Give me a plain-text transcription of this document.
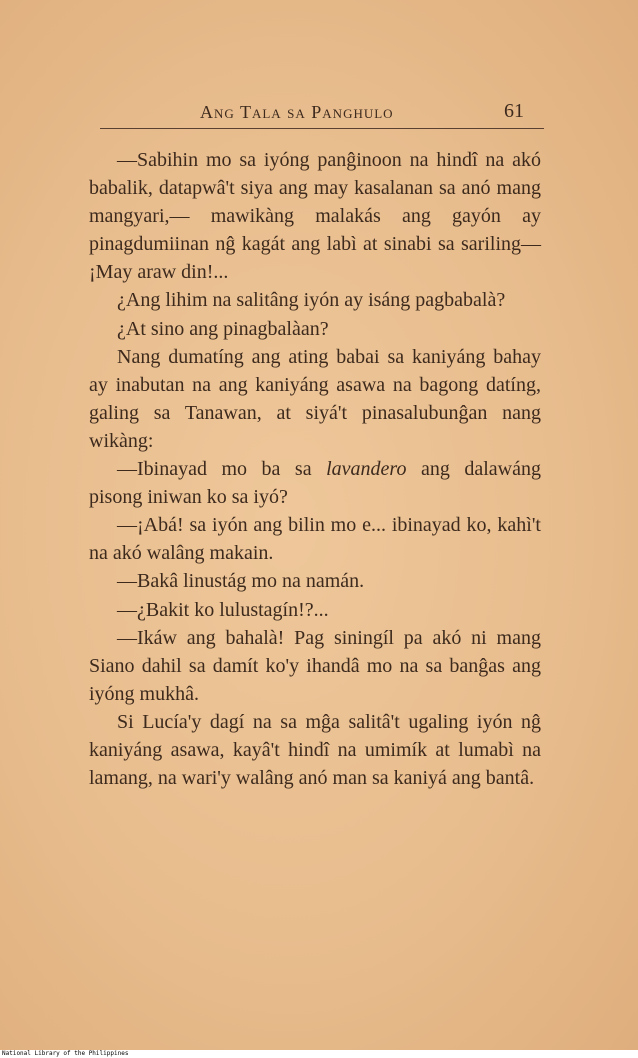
Ang Tala sa Panghulo	61

—Sabihin mo sa iyóng panĝinoon na hindî na akó babalik, datapwâ't siya ang may kasalanan sa anó mang mangyari,— mawikàng malakás ang gayón ay pinagdumiinan nĝ kagát ang labì at sinabi sa sariling—¡May araw din!...

¿Ang lihim na salitâng iyón ay isáng pagbabalà?

¿At sino ang pinagbalàan?

Nang dumatíng ang ating babai sa kaniyáng bahay ay inabutan na ang kaniyáng asawa na bagong datíng, galing sa Tanawan, at siyá't pinasalubunĝan nang wikàng:

—Ibinayad mo ba sa lavandero ang dalawáng pisong iniwan ko sa iyó?

—¡Abá! sa iyón ang bilin mo e... ibinayad ko, kahì't na akó walâng makain.

—Bakâ linustág mo na namán.

—¿Bakit ko lulustagín!?...

—Ikáw ang bahalà! Pag siningíl pa akó ni mang Siano dahil sa damít ko'y ihandâ mo na sa banĝas ang iyóng mukhâ.

Si Lucía'y dagí na sa mĝa salitâ't ugaling iyón nĝ kaniyáng asawa, kayâ't hindî na umimík at lumabì na lamang, na wari'y walâng anó man sa kaniyá ang bantâ.

National Library of the Philippines
